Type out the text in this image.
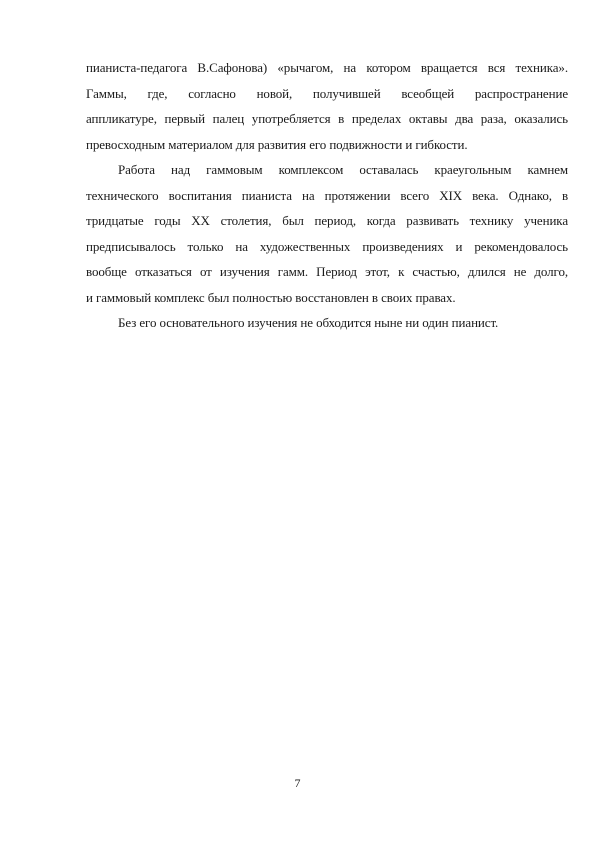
пианиста-педагога В.Сафонова) «рычагом, на котором вращается вся техника».
Гаммы, где, согласно новой, получившей всеобщей распространение
аппликатуре, первый палец употребляется в пределах октавы два раза, оказались
превосходным материалом для развития его подвижности и гибкости.
Работа над гаммовым комплексом оставалась краеугольным камнем
технического воспитания пианиста на протяжении всего XIX века. Однако, в
тридцатые годы XX столетия, был период, когда развивать технику ученика
предписывалось только на художественных произведениях и рекомендовалось
вообще отказаться от изучения гамм. Период этот, к счастью, длился не долго,
и гаммовый комплекс был полностью восстановлен в своих правах.
Без его основательного изучения не обходится ныне ни один пианист.
7
